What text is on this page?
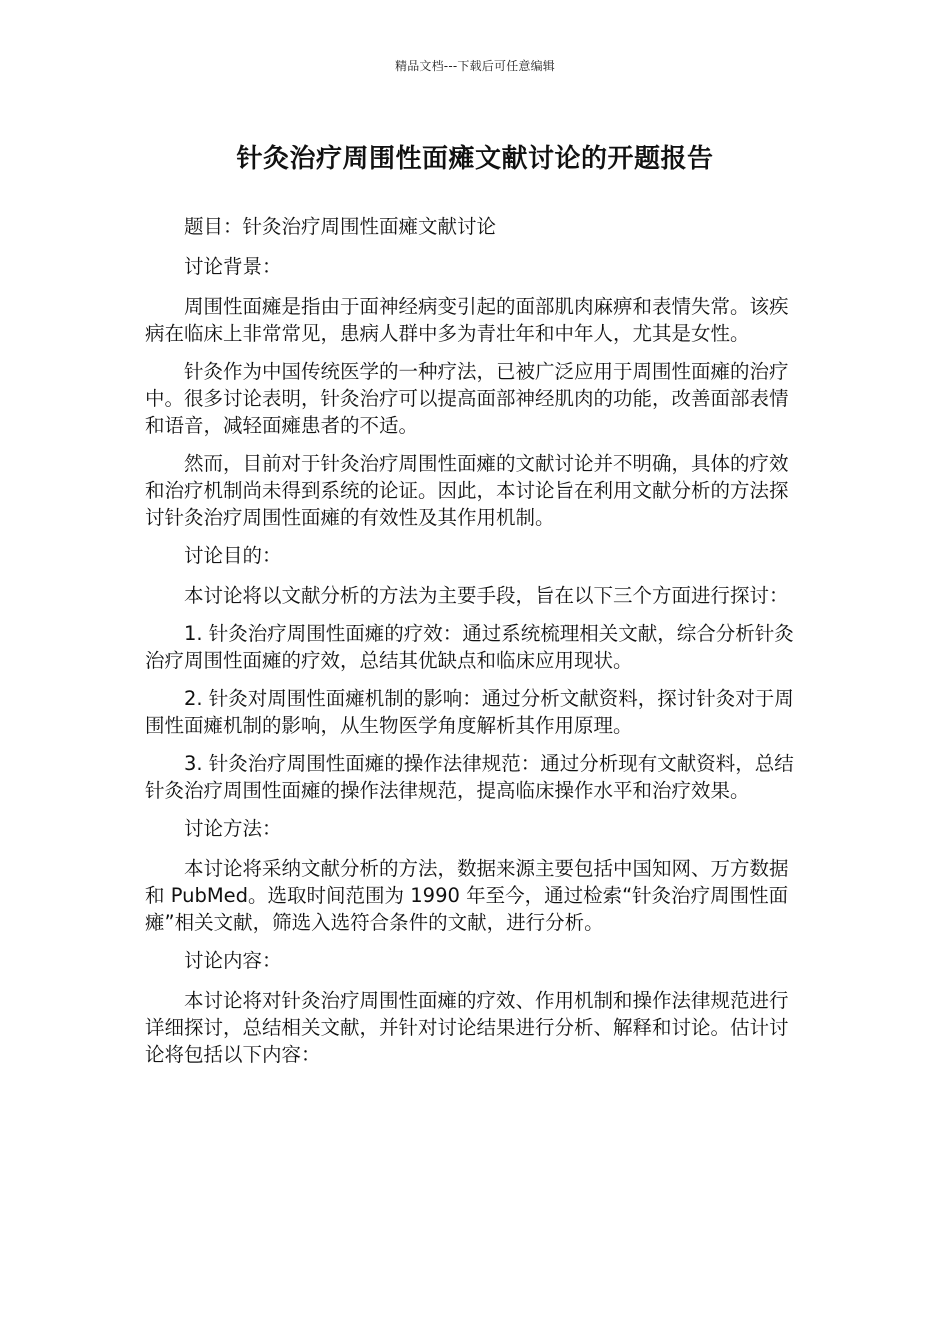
精品文档---下载后可任意编辑
针灸治疗周围性面瘫文献讨论的开题报告

题目：针灸治疗周围性面瘫文献讨论

讨论背景：

周围性面瘫是指由于面神经病变引起的面部肌肉麻痹和表情失常。该疾病在临床上非常常见，患病人群中多为青壮年和中年人，尤其是女性。

针灸作为中国传统医学的一种疗法，已被广泛应用于周围性面瘫的治疗中。很多讨论表明，针灸治疗可以提高面部神经肌肉的功能，改善面部表情和语音，减轻面瘫患者的不适。

然而，目前对于针灸治疗周围性面瘫的文献讨论并不明确，具体的疗效和治疗机制尚未得到系统的论证。因此，本讨论旨在利用文献分析的方法探讨针灸治疗周围性面瘫的有效性及其作用机制。

讨论目的：

本讨论将以文献分析的方法为主要手段，旨在以下三个方面进行探讨：

1. 针灸治疗周围性面瘫的疗效：通过系统梳理相关文献，综合分析针灸治疗周围性面瘫的疗效，总结其优缺点和临床应用现状。

2. 针灸对周围性面瘫机制的影响：通过分析文献资料，探讨针灸对于周围性面瘫机制的影响，从生物医学角度解析其作用原理。

3. 针灸治疗周围性面瘫的操作法律规范：通过分析现有文献资料，总结针灸治疗周围性面瘫的操作法律规范，提高临床操作水平和治疗效果。

讨论方法：

本讨论将采纳文献分析的方法，数据来源主要包括中国知网、万方数据和 PubMed。选取时间范围为 1990 年至今，通过检索“针灸治疗周围性面瘫”相关文献，筛选入选符合条件的文献，进行分析。

讨论内容：

本讨论将对针灸治疗周围性面瘫的疗效、作用机制和操作法律规范进行详细探讨，总结相关文献，并针对讨论结果进行分析、解释和讨论。估计讨论将包括以下内容：
